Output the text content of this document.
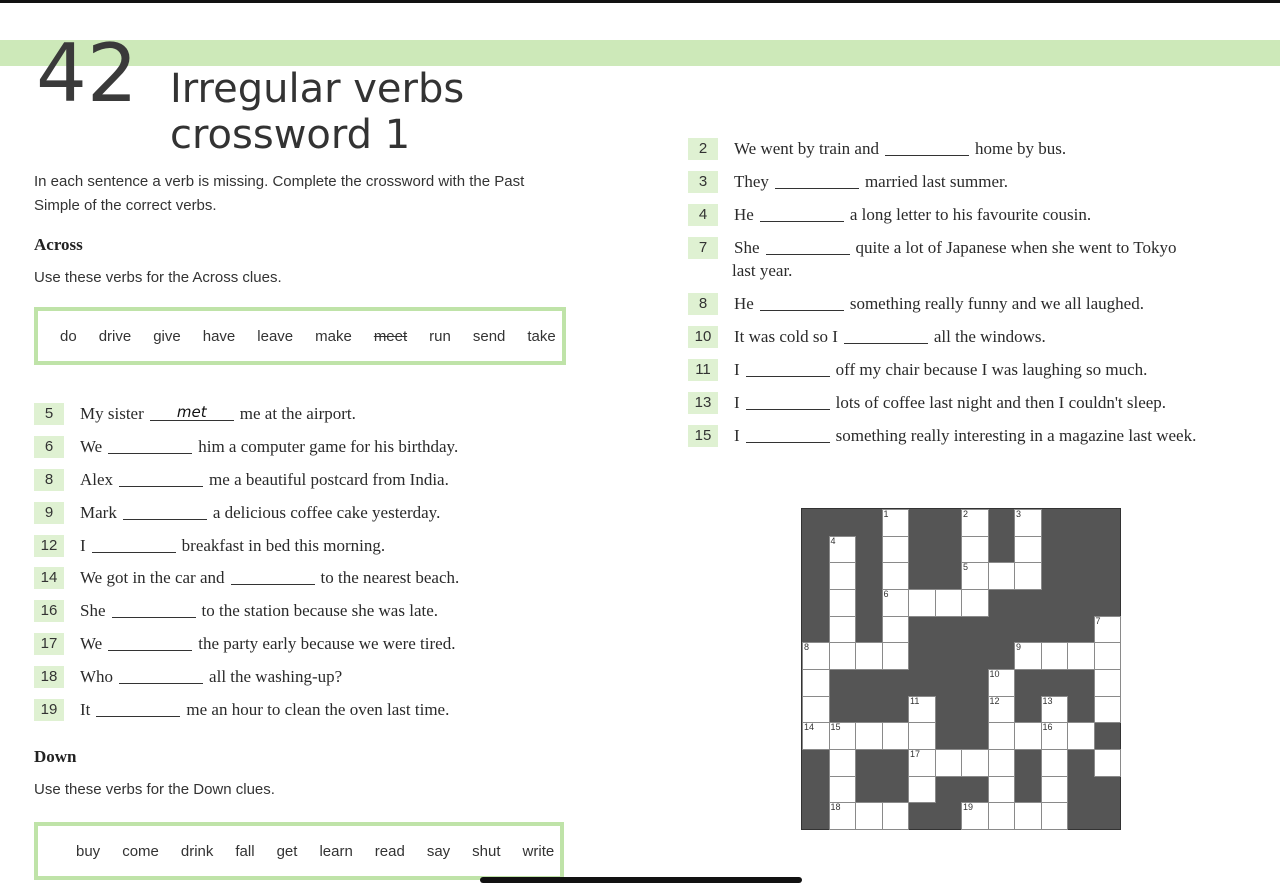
42 Irregular verbs
crossword 1
In each sentence a verb is missing. Complete the crossword with the Past Simple of the correct verbs.
Across
Use these verbs for the Across clues.
do drive give have leave make meet run send take
5	My sister	met	me at the airport.
6	We	him a computer game for his birthday.
8	Alex	me a beautiful postcard from India.
9	Mark	a delicious coffee cake yesterday.
12	I	breakfast in bed this morning.
14	We got in the car and	to the nearest beach.
16	She	to the station because she was late.
17	We	the party early because we were tired.
18	Who	all the washing-up?
19	It	me an hour to clean the oven last time.
Down
Use these verbs for the Down clues.
buy come drink fall get learn read say shut write
2	We went by train and	home by bus.
3	They	married last summer.
4	He	a long letter to his favourite cousin.
7	She	quite a lot of Japanese when she went to Tokyo
last year.
8	He	something really funny and we all laughed.
10	It was cold so I	all the windows.
11	I	off my chair because I was laughing so much.
13	I	lots of coffee last night and then I couldn't sleep.
15	I	something really interesting in a magazine last week.
1	2	3
4
5
6
7
8	9
10
11	12	13
14 15	16
17
18	19
